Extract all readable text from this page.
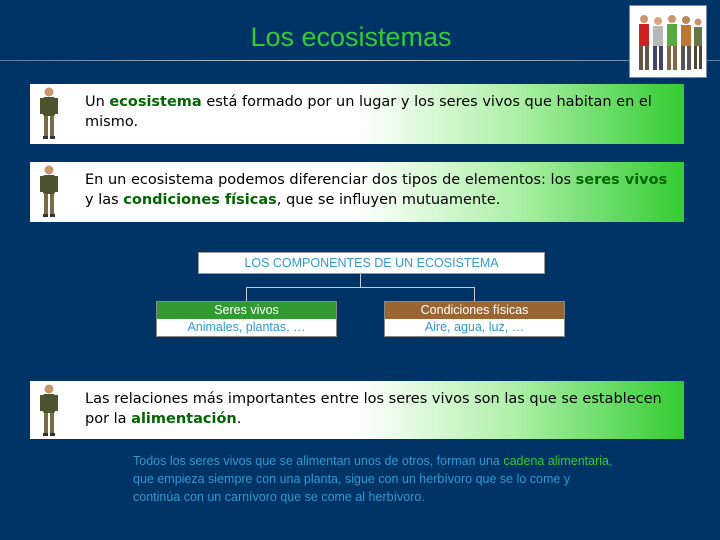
Los ecosistemas
Un ecosistema está formado por un lugar y los seres vivos que habitan en el mismo.
En un ecosistema podemos diferenciar dos tipos de elementos: los seres vivos y las condiciones físicas, que se influyen mutuamente.
LOS COMPONENTES DE UN ECOSISTEMA
Seres vivos
Animales, plantas, …
Condiciones físicas
Aire, agua, luz, …
Las relaciones más importantes entre los seres vivos son las que se establecen por la alimentación.
Todos los seres vivos que se alimentan unos de otros, forman una cadena alimentaria, que empieza siempre con una planta, sigue con un herbívoro que se lo come y continúa con un carnívoro que se come al herbívoro.
